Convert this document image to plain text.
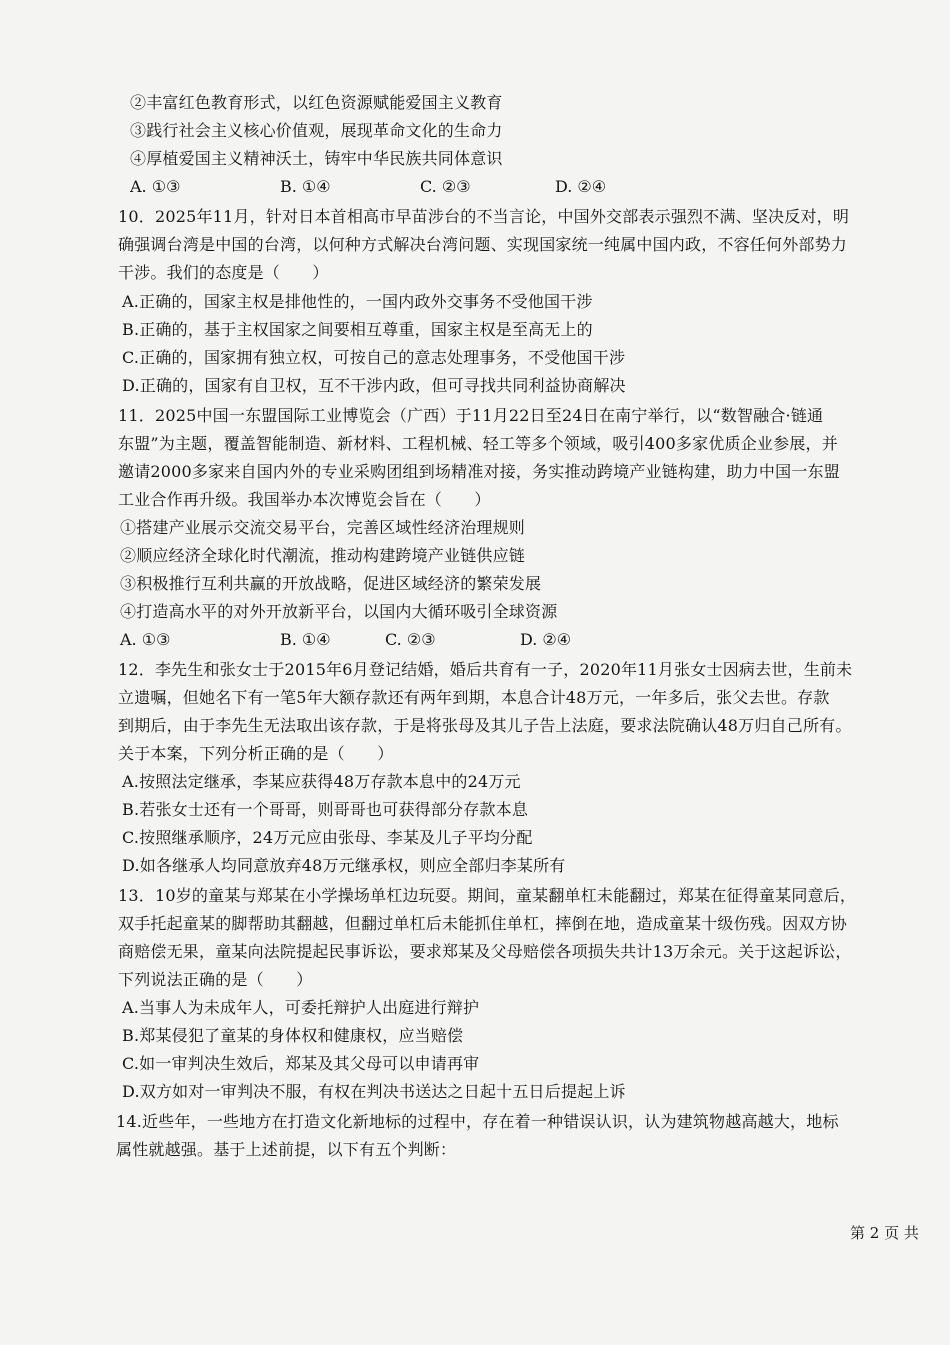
②丰富红色教育形式，以红色资源赋能爱国主义教育
③践行社会主义核心价值观，展现革命文化的生命力
④厚植爱国主义精神沃土，铸牢中华民族共同体意识
A. ①③	B. ①④	C. ②③	D. ②④
10．2025年11月，针对日本首相高市早苗涉台的不当言论，中国外交部表示强烈不满、坚决反对，明
确强调台湾是中国的台湾，以何种方式解决台湾问题、实现国家统一纯属中国内政，不容任何外部势力
干涉。我们的态度是（　　）
A.正确的，国家主权是排他性的，一国内政外交事务不受他国干涉
B.正确的，基于主权国家之间要相互尊重，国家主权是至高无上的
C.正确的，国家拥有独立权，可按自己的意志处理事务，不受他国干涉
D.正确的，国家有自卫权，互不干涉内政，但可寻找共同利益协商解决
11．2025中国一东盟国际工业博览会（广西）于11月22日至24日在南宁举行，以“数智融合·链通
东盟”为主题，覆盖智能制造、新材料、工程机械、轻工等多个领域，吸引400多家优质企业参展，并
邀请2000多家来自国内外的专业采购团组到场精准对接，务实推动跨境产业链构建，助力中国一东盟
工业合作再升级。我国举办本次博览会旨在（　　）
①搭建产业展示交流交易平台，完善区域性经济治理规则
②顺应经济全球化时代潮流，推动构建跨境产业链供应链
③积极推行互利共赢的开放战略，促进区域经济的繁荣发展
④打造高水平的对外开放新平台，以国内大循环吸引全球资源
A. ①③	B. ①④	C. ②③	D. ②④
12．李先生和张女士于2015年6月登记结婚，婚后共育有一子，2020年11月张女士因病去世，生前未
立遗嘱，但她名下有一笔5年大额存款还有两年到期，本息合计48万元，一年多后，张父去世。存款
到期后，由于李先生无法取出该存款，于是将张母及其儿子告上法庭，要求法院确认48万归自己所有。
关于本案，下列分析正确的是（　　）
A.按照法定继承，李某应获得48万存款本息中的24万元
B.若张女士还有一个哥哥，则哥哥也可获得部分存款本息
C.按照继承顺序，24万元应由张母、李某及儿子平均分配
D.如各继承人均同意放弃48万元继承权，则应全部归李某所有
13．10岁的童某与郑某在小学操场单杠边玩耍。期间，童某翻单杠未能翻过，郑某在征得童某同意后，
双手托起童某的脚帮助其翻越，但翻过单杠后未能抓住单杠，摔倒在地，造成童某十级伤残。因双方协
商赔偿无果，童某向法院提起民事诉讼，要求郑某及父母赔偿各项损失共计13万余元。关于这起诉讼，
下列说法正确的是（　　）
A.当事人为未成年人，可委托辩护人出庭进行辩护
B.郑某侵犯了童某的身体权和健康权，应当赔偿
C.如一审判决生效后，郑某及其父母可以申请再审
D.双方如对一审判决不服，有权在判决书送达之日起十五日后提起上诉
14.近些年，一些地方在打造文化新地标的过程中，存在着一种错误认识，认为建筑物越高越大，地标
属性就越强。基于上述前提，以下有五个判断：
第 2 页 共
